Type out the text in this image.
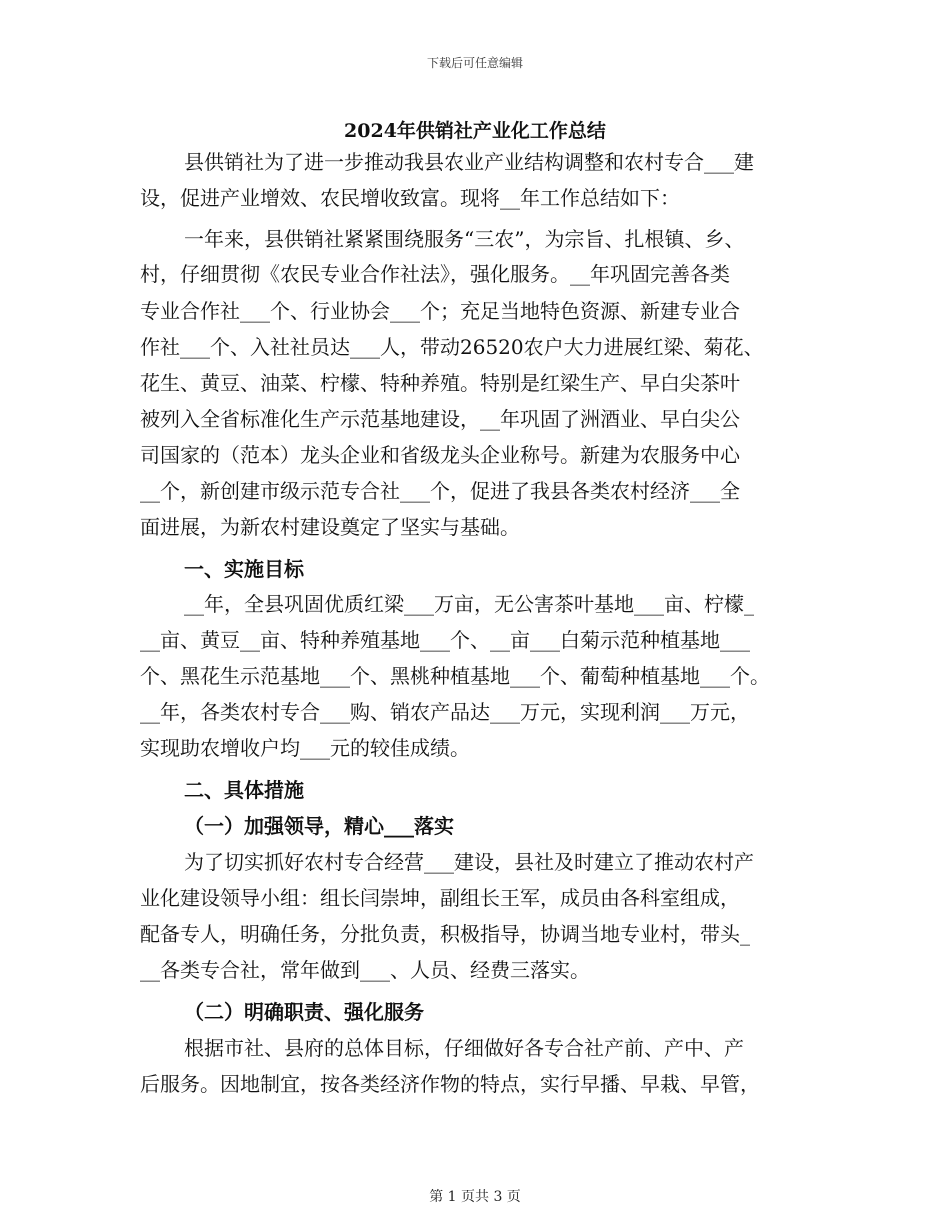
下载后可任意编辑
2024年供销社产业化工作总结
县供销社为了进一步推动我县农业产业结构调整和农村专合___建
设，促进产业增效、农民增收致富。现将__年工作总结如下：
一年来，县供销社紧紧围绕服务“三农”，为宗旨、扎根镇、乡、
村，仔细贯彻《农民专业合作社法》，强化服务。__年巩固完善各类
专业合作社___个、行业协会___个；充足当地特色资源、新建专业合
作社___个、入社社员达___人，带动26520农户大力进展红梁、菊花、
花生、黄豆、油菜、柠檬、特种养殖。特别是红梁生产、早白尖茶叶
被列入全省标准化生产示范基地建设，__年巩固了洲酒业、早白尖公
司国家的（范本）龙头企业和省级龙头企业称号。新建为农服务中心
__个，新创建市级示范专合社___个，促进了我县各类农村经济___全
面进展，为新农村建设奠定了坚实与基础。
一、实施目标
__年，全县巩固优质红梁___万亩，无公害茶叶基地___亩、柠檬_
__亩、黄豆__亩、特种养殖基地___个、__亩___白菊示范种植基地___
个、黑花生示范基地___个、黑桃种植基地___个、葡萄种植基地___个。
__年，各类农村专合___购、销农产品达___万元，实现利润___万元，
实现助农增收户均___元的较佳成绩。
二、具体措施
（一）加强领导，精心___落实
为了切实抓好农村专合经营___建设，县社及时建立了推动农村产
业化建设领导小组：组长闫崇坤，副组长王军，成员由各科室组成，
配备专人，明确任务，分批负责，积极指导，协调当地专业村，带头_
__各类专合社，常年做到___、人员、经费三落实。
（二）明确职责、强化服务
根据市社、县府的总体目标，仔细做好各专合社产前、产中、产
后服务。因地制宜，按各类经济作物的特点，实行早播、早栽、早管，
第 1 页共 3 页
